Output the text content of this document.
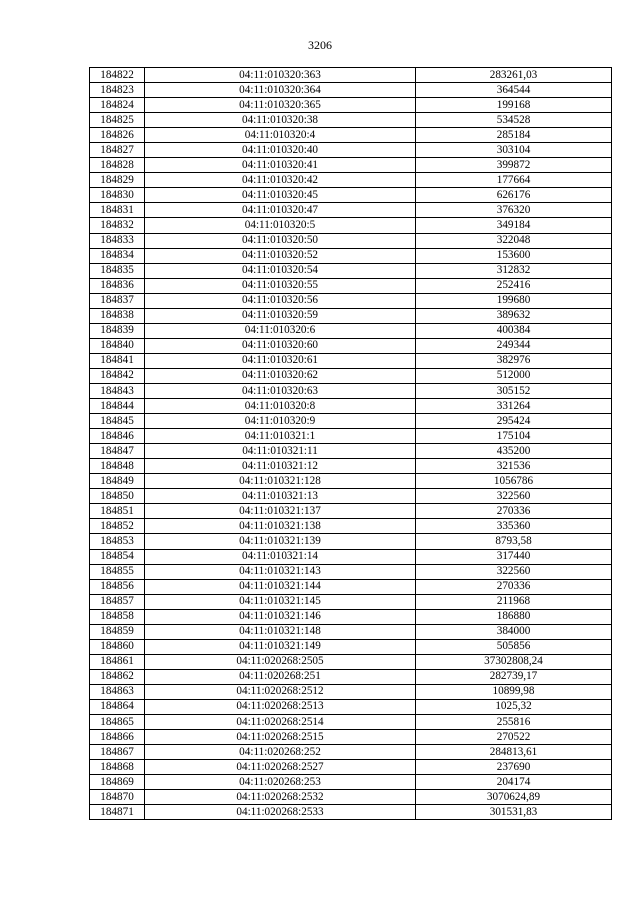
3206
184822	04:11:010320:363	283261,03
184823	04:11:010320:364	364544
184824	04:11:010320:365	199168
184825	04:11:010320:38	534528
184826	04:11:010320:4	285184
184827	04:11:010320:40	303104
184828	04:11:010320:41	399872
184829	04:11:010320:42	177664
184830	04:11:010320:45	626176
184831	04:11:010320:47	376320
184832	04:11:010320:5	349184
184833	04:11:010320:50	322048
184834	04:11:010320:52	153600
184835	04:11:010320:54	312832
184836	04:11:010320:55	252416
184837	04:11:010320:56	199680
184838	04:11:010320:59	389632
184839	04:11:010320:6	400384
184840	04:11:010320:60	249344
184841	04:11:010320:61	382976
184842	04:11:010320:62	512000
184843	04:11:010320:63	305152
184844	04:11:010320:8	331264
184845	04:11:010320:9	295424
184846	04:11:010321:1	175104
184847	04:11:010321:11	435200
184848	04:11:010321:12	321536
184849	04:11:010321:128	1056786
184850	04:11:010321:13	322560
184851	04:11:010321:137	270336
184852	04:11:010321:138	335360
184853	04:11:010321:139	8793,58
184854	04:11:010321:14	317440
184855	04:11:010321:143	322560
184856	04:11:010321:144	270336
184857	04:11:010321:145	211968
184858	04:11:010321:146	186880
184859	04:11:010321:148	384000
184860	04:11:010321:149	505856
184861	04:11:020268:2505	37302808,24
184862	04:11:020268:251	282739,17
184863	04:11:020268:2512	10899,98
184864	04:11:020268:2513	1025,32
184865	04:11:020268:2514	255816
184866	04:11:020268:2515	270522
184867	04:11:020268:252	284813,61
184868	04:11:020268:2527	237690
184869	04:11:020268:253	204174
184870	04:11:020268:2532	3070624,89
184871	04:11:020268:2533	301531,83
